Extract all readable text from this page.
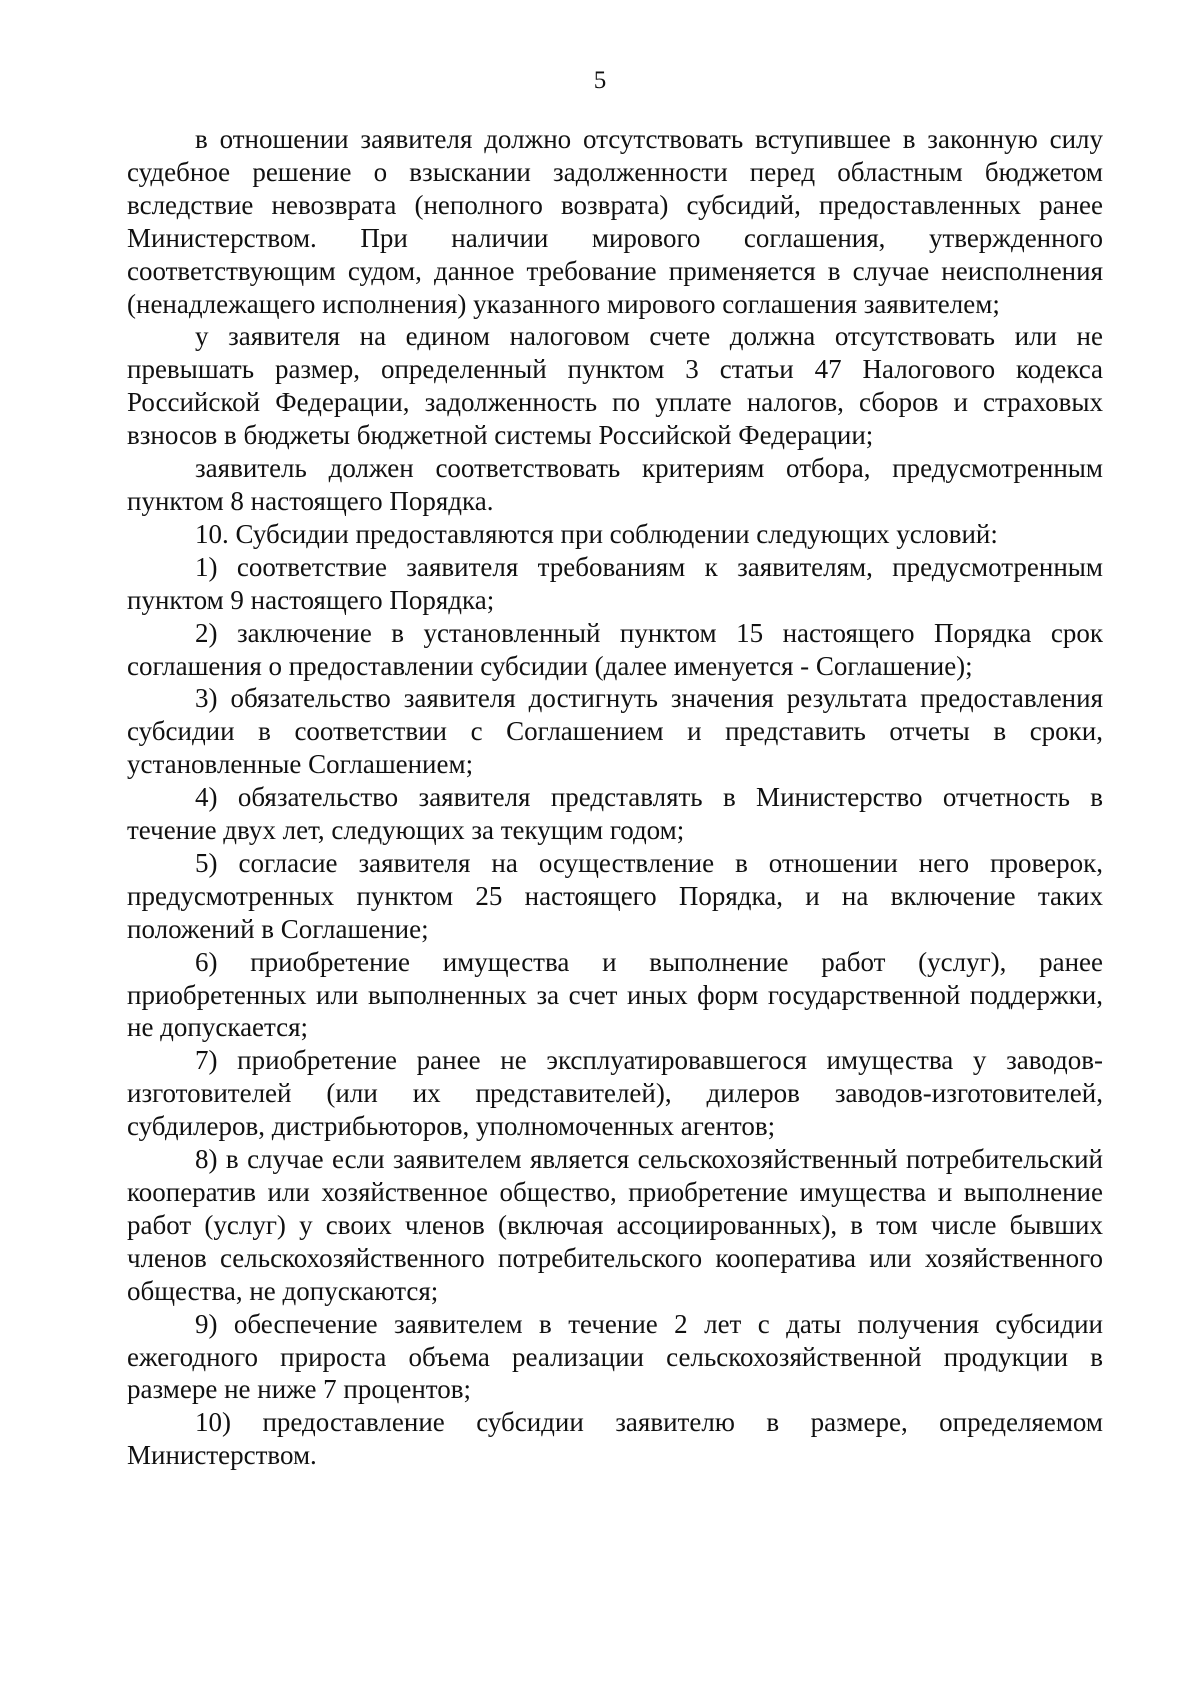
5

в отношении заявителя должно отсутствовать вступившее в законную силу судебное решение о взыскании задолженности перед областным бюджетом вследствие невозврата (неполного возврата) субсидий, предоставленных ранее Министерством. При наличии мирового соглашения, утвержденного соответствующим судом, данное требование применяется в случае неисполнения (ненадлежащего исполнения) указанного мирового соглашения заявителем;

у заявителя на едином налоговом счете должна отсутствовать или не превышать размер, определенный пунктом 3 статьи 47 Налогового кодекса Российской Федерации, задолженность по уплате налогов, сборов и страховых взносов в бюджеты бюджетной системы Российской Федерации;

заявитель должен соответствовать критериям отбора, предусмотренным пунктом 8 настоящего Порядка.

10. Субсидии предоставляются при соблюдении следующих условий:

1) соответствие заявителя требованиям к заявителям, предусмотренным пунктом 9 настоящего Порядка;

2) заключение в установленный пунктом 15 настоящего Порядка срок соглашения о предоставлении субсидии (далее именуется - Соглашение);

3) обязательство заявителя достигнуть значения результата предоставления субсидии в соответствии с Соглашением и представить отчеты в сроки, установленные Соглашением;

4) обязательство заявителя представлять в Министерство отчетность в течение двух лет, следующих за текущим годом;

5) согласие заявителя на осуществление в отношении него проверок, предусмотренных пунктом 25 настоящего Порядка, и на включение таких положений в Соглашение;

6) приобретение имущества и выполнение работ (услуг), ранее приобретенных или выполненных за счет иных форм государственной поддержки, не допускается;

7) приобретение ранее не эксплуатировавшегося имущества у заводов-изготовителей (или их представителей), дилеров заводов-изготовителей, субдилеров, дистрибьюторов, уполномоченных агентов;

8) в случае если заявителем является сельскохозяйственный потребительский кооператив или хозяйственное общество, приобретение имущества и выполнение работ (услуг) у своих членов (включая ассоциированных), в том числе бывших членов сельскохозяйственного потребительского кооператива или хозяйственного общества, не допускаются;

9) обеспечение заявителем в течение 2 лет с даты получения субсидии ежегодного прироста объема реализации сельскохозяйственной продукции в размере не ниже 7 процентов;

10) предоставление субсидии заявителю в размере, определяемом Министерством.
